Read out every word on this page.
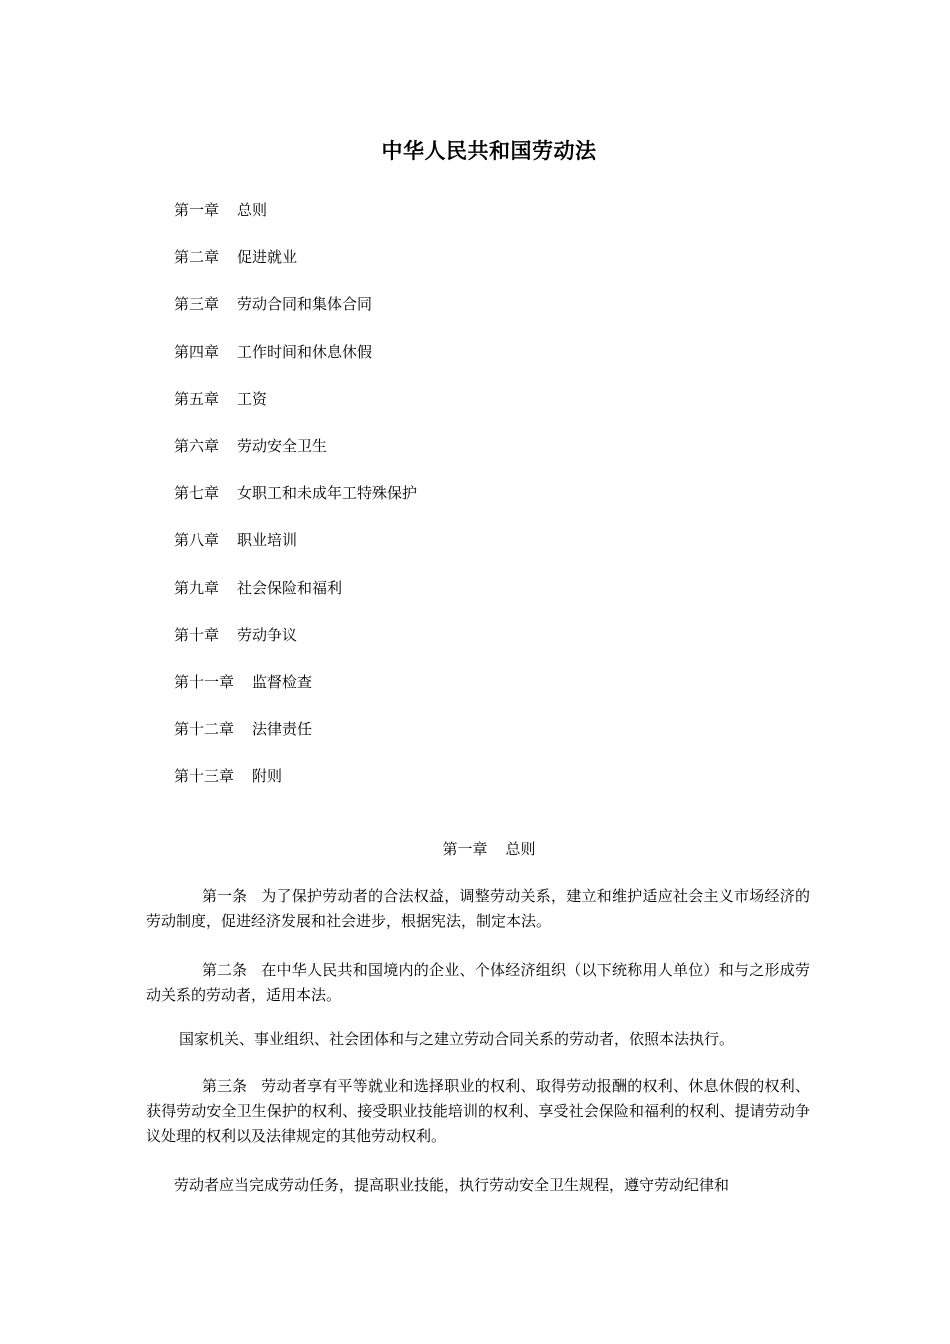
中华人民共和国劳动法
第一章 总则
第二章 促进就业
第三章 劳动合同和集体合同
第四章 工作时间和休息休假
第五章 工资
第六章 劳动安全卫生
第七章 女职工和未成年工特殊保护
第八章 职业培训
第九章 社会保险和福利
第十章 劳动争议
第十一章 监督检查
第十二章 法律责任
第十三章 附则
第一章 总则

第一条 为了保护劳动者的合法权益，调整劳动关系，建立和维护适应社会主义市场经济的劳动制度，促进经济发展和社会进步，根据宪法，制定本法。

第二条 在中华人民共和国境内的企业、个体经济组织（以下统称用人单位）和与之形成劳动关系的劳动者，适用本法。

国家机关、事业组织、社会团体和与之建立劳动合同关系的劳动者，依照本法执行。

第三条 劳动者享有平等就业和选择职业的权利、取得劳动报酬的权利、休息休假的权利、获得劳动安全卫生保护的权利、接受职业技能培训的权利、享受社会保险和福利的权利、提请劳动争议处理的权利以及法律规定的其他劳动权利。

劳动者应当完成劳动任务，提高职业技能，执行劳动安全卫生规程，遵守劳动纪律和
